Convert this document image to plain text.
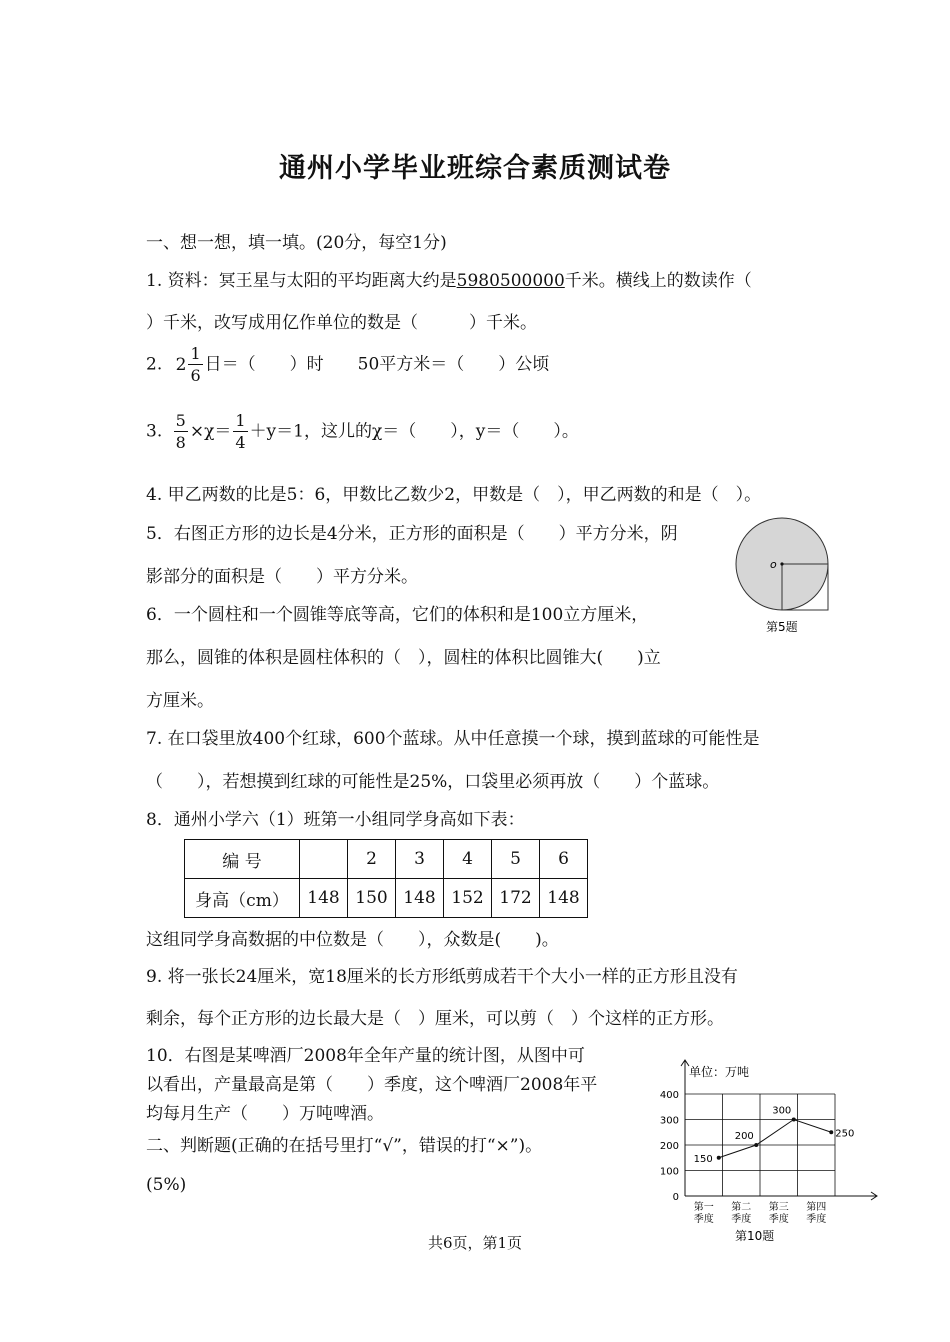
通州小学毕业班综合素质测试卷
一、想一想，填一填。(20分，每空1分)
1. 资料：冥王星与太阳的平均距离大约是5980500000千米。横线上的数读作（
）千米，改写成用亿作单位的数是（　　　）千米。
2. $2 \frac{1}{6}$ 日＝（　　）时　　50平方米＝（　　）公顷
3. $\frac{5}{8} \times\chi= \frac{1}{4} +y=1$，这儿的χ＝（　　），y＝（　　）。
4. 甲乙两数的比是5：6，甲数比乙数少2，甲数是（　），甲乙两数的和是（　）。
5．右图正方形的边长是4分米，正方形的面积是（　　）平方分米，阴
影部分的面积是（　　）平方分米。
o
第5题
6．一个圆柱和一个圆锥等底等高，它们的体积和是100立方厘米，
那么，圆锥的体积是圆柱体积的（　），圆柱的体积比圆锥大(　　)立
方厘米。
7. 在口袋里放400个红球，600个蓝球。从中任意摸一个球，摸到蓝球的可能性是
（　　），若想摸到红球的可能性是25%，口袋里必须再放（　　）个蓝球。
8．通州小学六（1）班第一小组同学身高如下表：
编 号		2	3	4	5	6
身高（cm）	148	150	148	152	172	148
这组同学身高数据的中位数是（　　），众数是(　　)。
9. 将一张长24厘米，宽18厘米的长方形纸剪成若干个大小一样的正方形且没有
剩余，每个正方形的边长最大是（　）厘米，可以剪（　）个这样的正方形。
10．右图是某啤酒厂2008年全年产量的统计图，从图中可
以看出，产量最高是第（　　）季度，这个啤酒厂2008年平
均每月生产（　　）万吨啤酒。
二、判断题(正确的在括号里打“√”，错误的打“×”)。
(5%)
单位：万吨
第10题
0
100
200
300
400
第一
季度
第二
季度
第三
季度
第四
季度
150
200
300
250
共6页，第1页
